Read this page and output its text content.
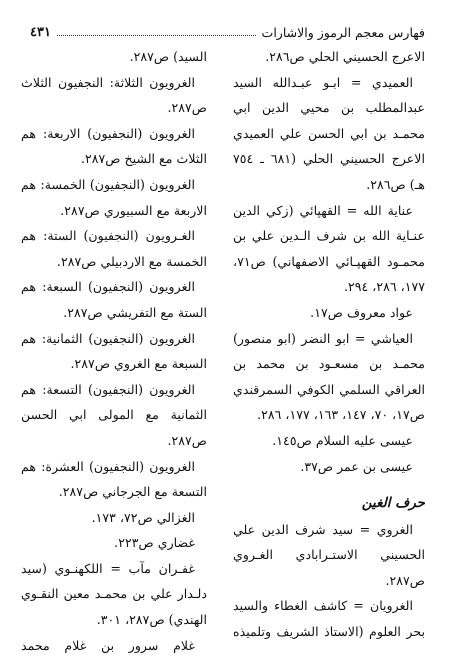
فهارس معجم الرموز والاشارات
٤٣١
الاعرج الحسيني الحلي ص٢٨٦.
العميدي = ابـو عبـدالله السيد
عبدالمطلب بن محيي الدين ابي
محمـد بن ابي الحسن علي العميدي
الاعرج الحسيني الحلي (٦٨١ ـ ٧٥٤
هـ) ص٢٨٦.
عناية الله = القهپائي (زكي الدين
عنـاية الله بن شرف الـدين علي بن
محمـود القهپـائي الاصفهاني) ص٧١،
١٧٧، ٢٨٦، ٢٩٤.
عواد معروف ص١٧.
العياشي = ابو النضر (ابو منصور)
محمـد بن مسعـود بن محمد بن
العراقي السلمي الكوفي السمرقندي
ص١٧، ٧٠، ١٤٧، ١٦٣، ١٧٧، ٢٨٦.
عيسى عليه السلام ص١٤٥.
عيسى بن عمر ص٣٧.
حرف الغين
الغروي = سيد شرف الدين علي
الحسيني الاستـرابادي الغـروي
ص٢٨٧.
الغرويان = كاشف الغطاء والسيد
بحر العلوم (الاستاذ الشريف وتلميذه
السيد) ص٢٨٧.
الغرويون الثلاثة: النجفيون الثلاث
ص٢٨٧.
الغرويون (النجفيون) الاربعة: هم
الثلاث مع الشيخ ص٢٨٧.
الغرويون (النجفيون) الخمسة: هم
الاربعة مع السبيوري ص٢٨٧.
الغـرويون (النجفيون) الستة: هم
الخمسة مع الاردبيلي ص٢٨٧.
الغرويون (النجفيون) السبعة: هم
الستة مع التفريشي ص٢٨٧.
الغرويون (النجفيون) الثمانية: هم
السبعة مع الغروي ص٢٨٧.
الغرويون (النجفيون) التسعة: هم
الثمانية مع المولى ابي الحسن
ص٢٨٧.
الغرويون (النجفيون) العشرة: هم
التسعة مع الجرجاني ص٢٨٧.
الغزالي ص٧٢، ١٧٣.
غضاري ص٢٢٣.
غفـران مآب = اللكهنـوي (سيد
دلـدار علي بن محمـد معين النقـوي
الهندي) ص٢٨٧، ٣٠١.
غلام سرور بن غلام محمد
